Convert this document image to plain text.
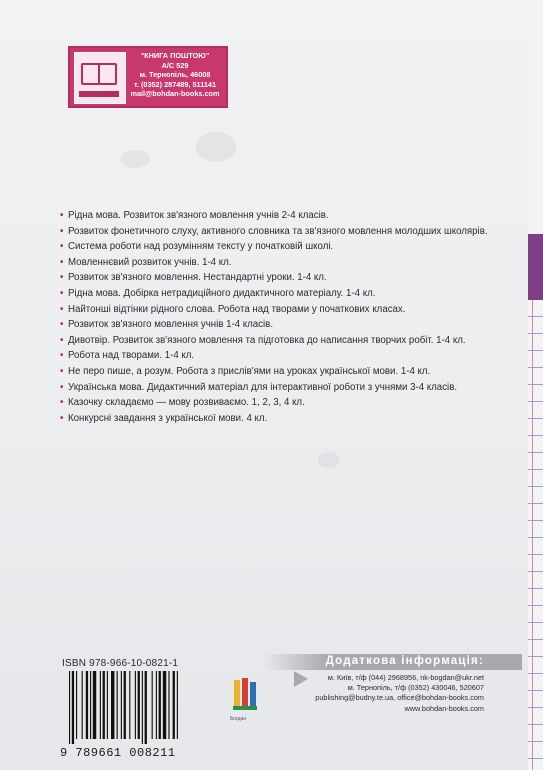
"КНИГА ПОШТОЮ"
А/С 529
м. Тернопіль, 46008
т. (0352) 287489, 511141
mail@bohdan-books.com
• Рідна мова. Розвиток зв'язного мовлення учнів 2-4 класів.
• Розвиток фонетичного слуху, активного словника та зв'язного мовлення молодших школярів.
• Система роботи над розумінням тексту у початковій школі.
• Мовленнєвий розвиток учнів. 1-4 кл.
• Розвиток зв'язного мовлення. Нестандартні уроки. 1-4 кл.
• Рідна мова. Добірка нетрадиційного дидактичного матеріалу. 1-4 кл.
• Найтонші відтінки рідного слова. Робота над творами у початкових класах.
• Розвиток зв'язного мовлення учнів 1-4 класів.
• Дивотвір. Розвиток зв'язного мовлення та підготовка до написання творчих робіт. 1-4 кл.
• Робота над творами. 1-4 кл.
• Не перо пише, а розум. Робота з прислів'ями на уроках української мови. 1-4 кл.
• Українська мова. Дидактичний матеріал для інтерактивної роботи з учнями 3-4 класів.
• Казочку складаємо — мову розвиваємо. 1, 2, 3, 4 кл.
• Конкурсні завдання з української мови. 4 кл.
ISBN 978-966-10-0821-1
9 789661 008211
Богдан
Додаткова інформація:
м. Київ, т/ф (044) 2968956, nk-bogdan@ukr.net
м. Тернопіль, т/ф (0352) 430046, 520607
publishing@budny.te.ua, office@bohdan-books.com
www.bohdan-books.com
